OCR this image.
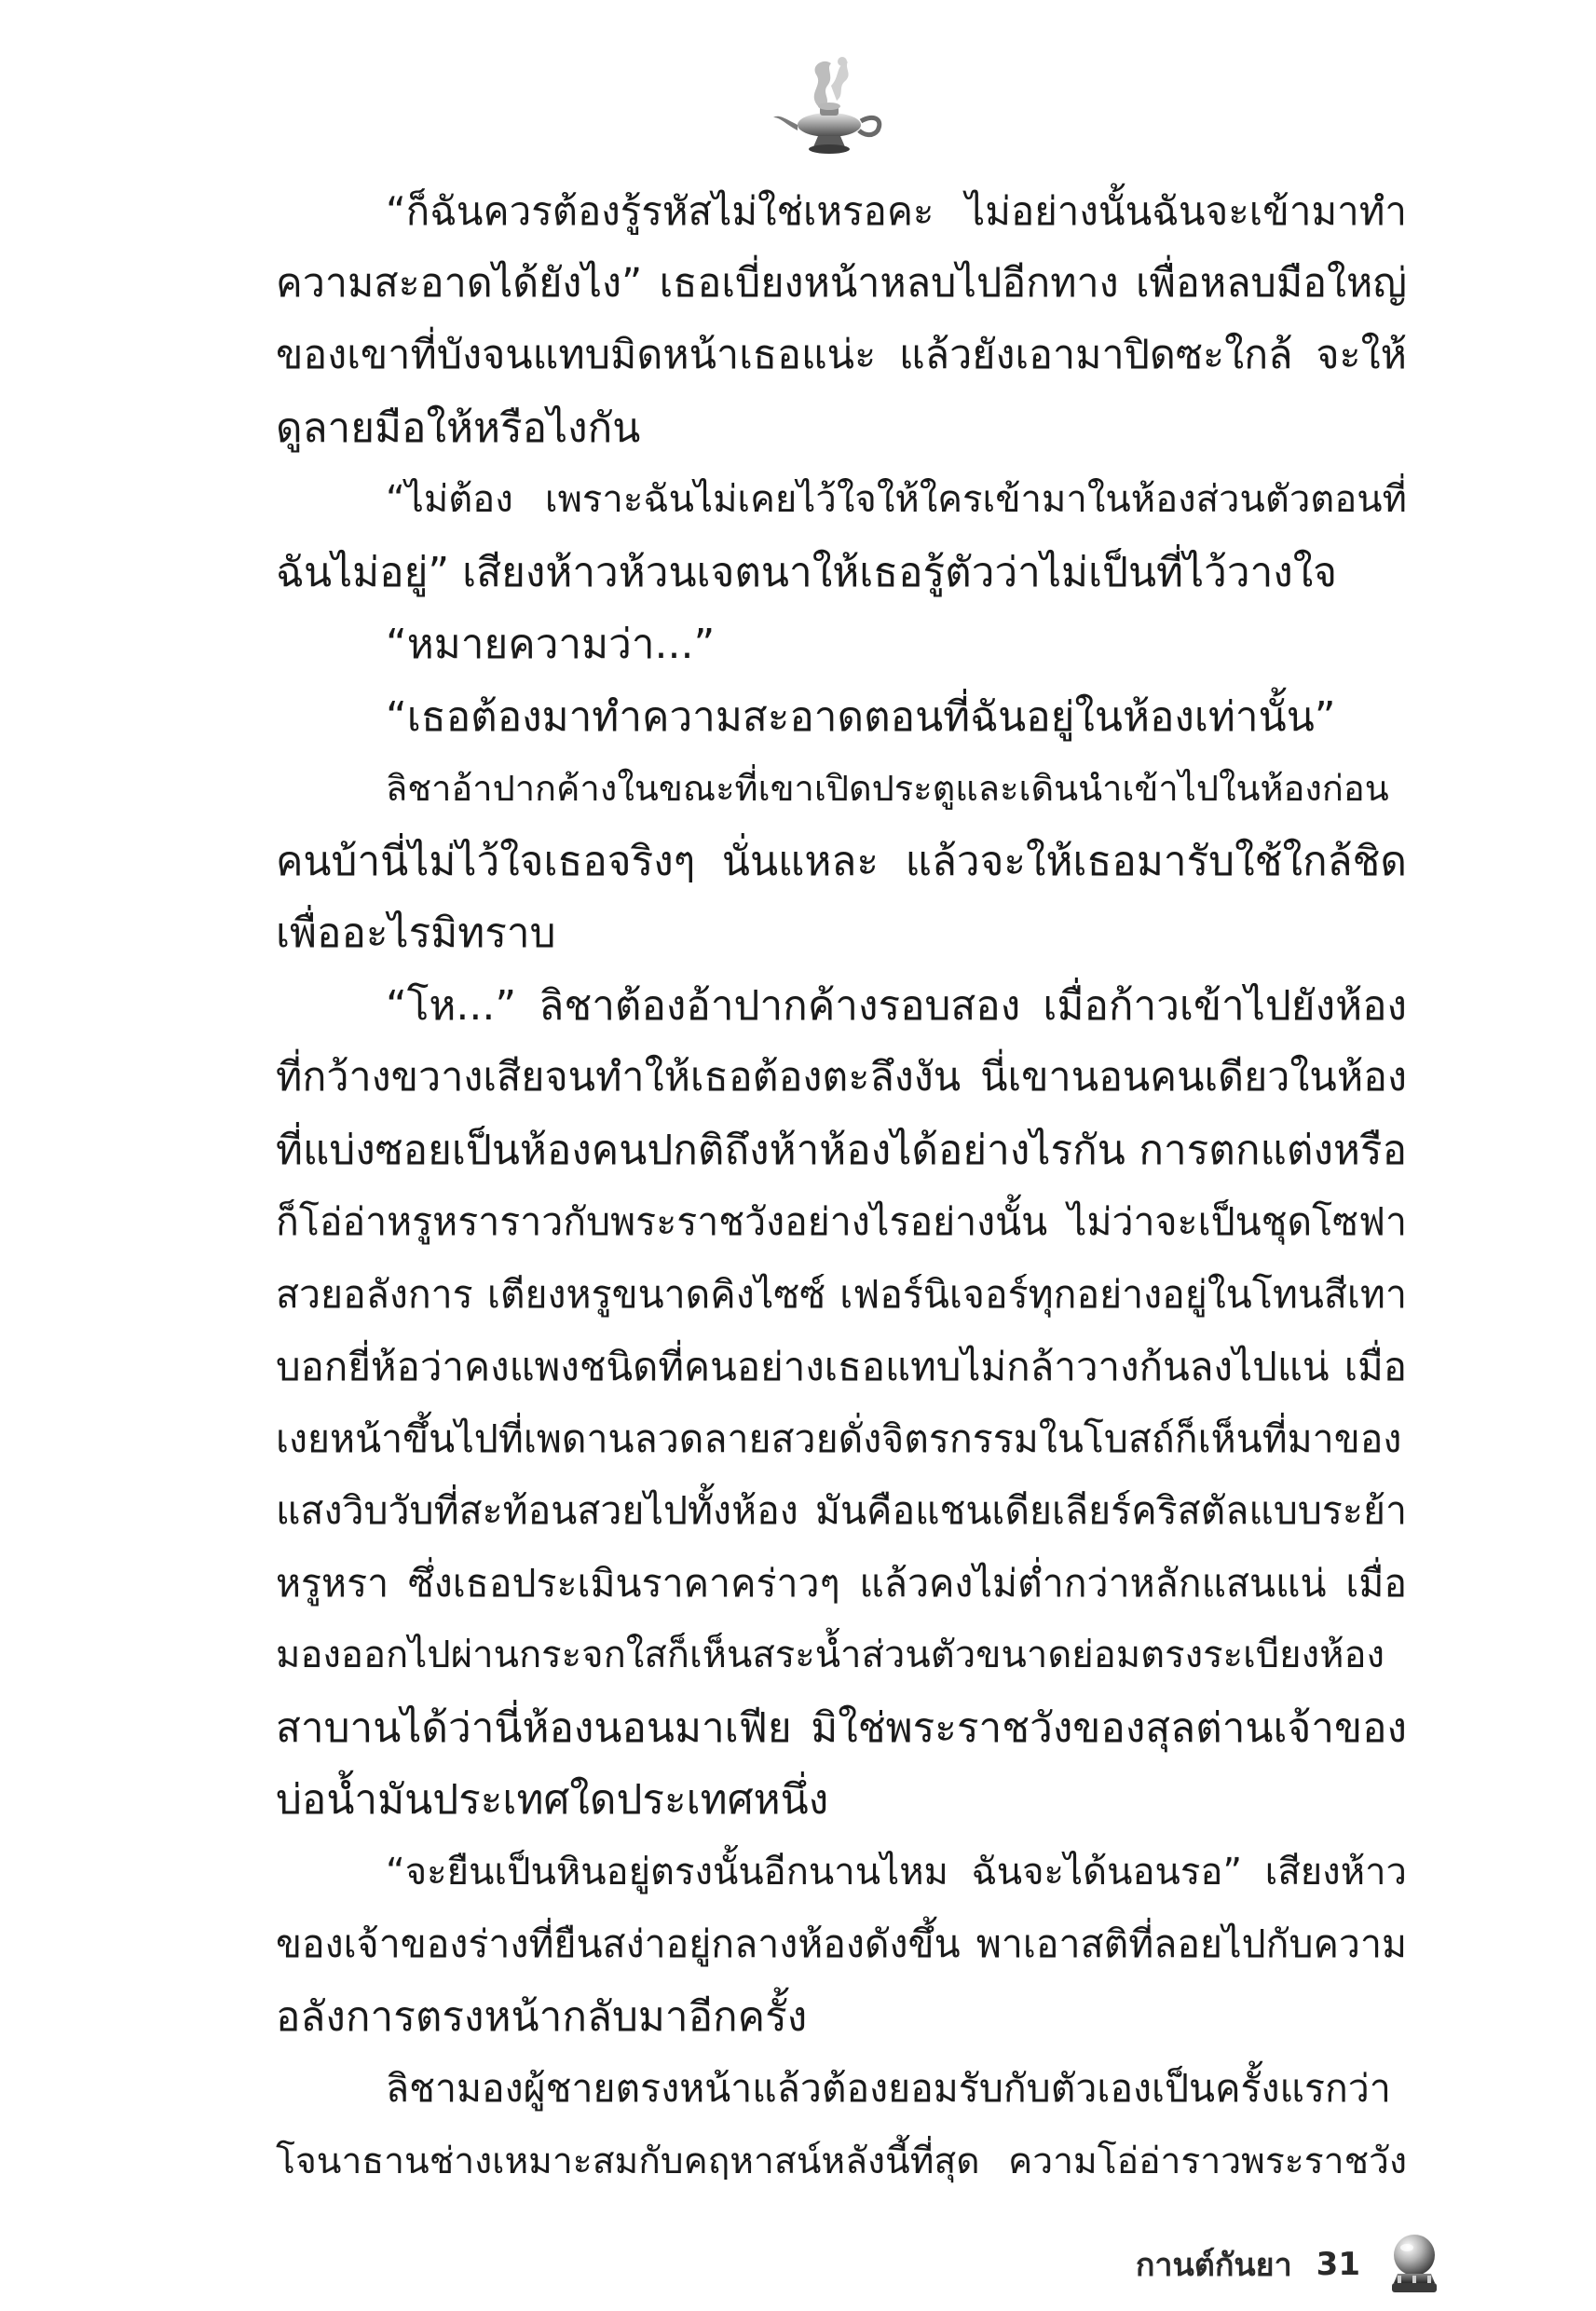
“ก็ฉันควรต้องรู้รหัสไม่ใช่เหรอคะ ไม่อย่างนั้นฉันจะเข้ามาทำ
ความสะอาดได้ยังไง” เธอเบี่ยงหน้าหลบไปอีกทาง เพื่อหลบมือใหญ่
ของเขาที่บังจนแทบมิดหน้าเธอแน่ะ แล้วยังเอามาปิดซะใกล้ จะให้
ดูลายมือให้หรือไงกัน
“ไม่ต้อง เพราะฉันไม่เคยไว้ใจให้ใครเข้ามาในห้องส่วนตัวตอนที่
ฉันไม่อยู่” เสียงห้าวห้วนเจตนาให้เธอรู้ตัวว่าไม่เป็นที่ไว้วางใจ
“หมายความว่า...”
“เธอต้องมาทำความสะอาดตอนที่ฉันอยู่ในห้องเท่านั้น”
ลิชาอ้าปากค้างในขณะที่เขาเปิดประตูและเดินนำเข้าไปในห้องก่อน
คนบ้านี่ไม่ไว้ใจเธอจริงๆ นั่นแหละ แล้วจะให้เธอมารับใช้ใกล้ชิด
เพื่ออะไรมิทราบ
“โห...” ลิชาต้องอ้าปากค้างรอบสอง เมื่อก้าวเข้าไปยังห้อง
ที่กว้างขวางเสียจนทำให้เธอต้องตะลึงงัน นี่เขานอนคนเดียวในห้อง
ที่แบ่งซอยเป็นห้องคนปกติถึงห้าห้องได้อย่างไรกัน การตกแต่งหรือ
ก็โอ่อ่าหรูหราราวกับพระราชวังอย่างไรอย่างนั้น ไม่ว่าจะเป็นชุดโซฟา
สวยอลังการ เตียงหรูขนาดคิงไซซ์ เฟอร์นิเจอร์ทุกอย่างอยู่ในโทนสีเทา
บอกยี่ห้อว่าคงแพงชนิดที่คนอย่างเธอแทบไม่กล้าวางก้นลงไปแน่ เมื่อ
เงยหน้าขึ้นไปที่เพดานลวดลายสวยดั่งจิตรกรรมในโบสถ์ก็เห็นที่มาของ
แสงวิบวับที่สะท้อนสวยไปทั้งห้อง มันคือแชนเดียเลียร์คริสตัลแบบระย้า
หรูหรา ซึ่งเธอประเมินราคาคร่าวๆ แล้วคงไม่ต่ำกว่าหลักแสนแน่ เมื่อ
มองออกไปผ่านกระจกใสก็เห็นสระน้ำส่วนตัวขนาดย่อมตรงระเบียงห้อง
สาบานได้ว่านี่ห้องนอนมาเฟีย มิใช่พระราชวังของสุลต่านเจ้าของ
บ่อน้ำมันประเทศใดประเทศหนึ่ง
“จะยืนเป็นหินอยู่ตรงนั้นอีกนานไหม ฉันจะได้นอนรอ” เสียงห้าว
ของเจ้าของร่างที่ยืนสง่าอยู่กลางห้องดังขึ้น พาเอาสติที่ลอยไปกับความ
อลังการตรงหน้ากลับมาอีกครั้ง
ลิชามองผู้ชายตรงหน้าแล้วต้องยอมรับกับตัวเองเป็นครั้งแรกว่า
โจนาธานช่างเหมาะสมกับคฤหาสน์หลังนี้ที่สุด ความโอ่อ่าราวพระราชวัง
กานต์กันยา 31
